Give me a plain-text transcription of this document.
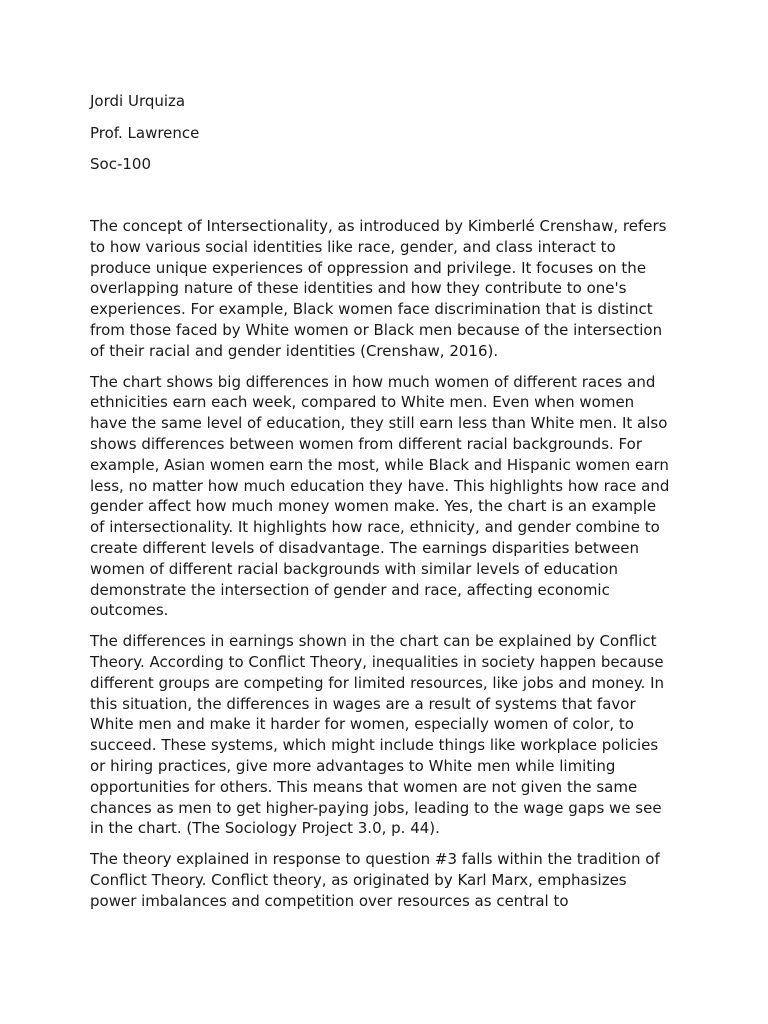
Jordi Urquiza
Prof. Lawrence
Soc-100
The concept of Intersectionality, as introduced by Kimberlé Crenshaw, refers
to how various social identities like race, gender, and class interact to
produce unique experiences of oppression and privilege. It focuses on the
overlapping nature of these identities and how they contribute to one's
experiences. For example, Black women face discrimination that is distinct
from those faced by White women or Black men because of the intersection
of their racial and gender identities (Crenshaw, 2016).
The chart shows big differences in how much women of different races and
ethnicities earn each week, compared to White men. Even when women
have the same level of education, they still earn less than White men. It also
shows differences between women from different racial backgrounds. For
example, Asian women earn the most, while Black and Hispanic women earn
less, no matter how much education they have. This highlights how race and
gender affect how much money women make. Yes, the chart is an example
of intersectionality. It highlights how race, ethnicity, and gender combine to
create different levels of disadvantage. The earnings disparities between
women of different racial backgrounds with similar levels of education
demonstrate the intersection of gender and race, affecting economic
outcomes.
The differences in earnings shown in the chart can be explained by Conflict
Theory. According to Conflict Theory, inequalities in society happen because
different groups are competing for limited resources, like jobs and money. In
this situation, the differences in wages are a result of systems that favor
White men and make it harder for women, especially women of color, to
succeed. These systems, which might include things like workplace policies
or hiring practices, give more advantages to White men while limiting
opportunities for others. This means that women are not given the same
chances as men to get higher-paying jobs, leading to the wage gaps we see
in the chart. (The Sociology Project 3.0, p. 44).
The theory explained in response to question #3 falls within the tradition of
Conflict Theory. Conflict theory, as originated by Karl Marx, emphasizes
power imbalances and competition over resources as central to
